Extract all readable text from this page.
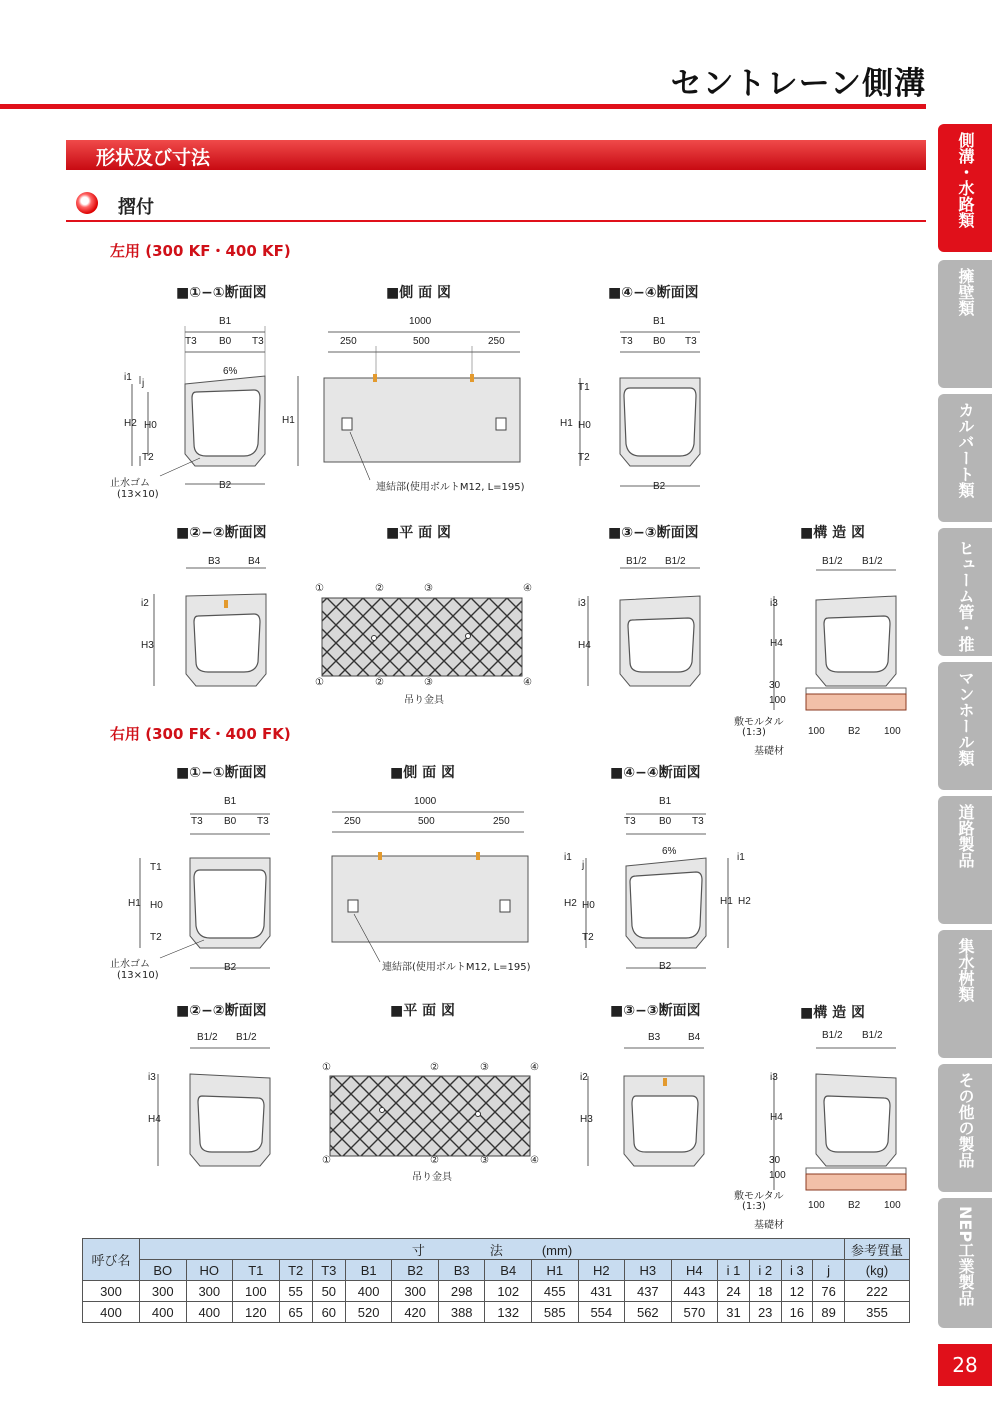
セントレーン側溝
形状及び寸法
摺付
左用 (300 KF・400 KF)
右用 (300 FK・400 FK)
■①−①断面図	■側 面 図	■④−④断面図
■②−②断面図	■平 面 図	■③−③断面図	■構 造 図
■①−①断面図	■側 面 図	■④−④断面図
■②−②断面図	■平 面 図	■③−③断面図	■構 造 図
B1
T3 B0 T3
6%
i1
j
H2 H0	H1
T2
B2
止水ゴム
(13×10)
1000
250	500	250
連結部(使用ボルトM12, L=195)
B1
T3 B0 T3
T1
H1 H0
T2
B2
B3	B4
i2
H3
①	②	③	④
①	②	③	④
吊り金具
B1/2 B1/2
i3
H4
B1/2 B1/2
i3
H4
30
100
100 B2 100
敷モルタル
(1:3)
基礎材
B1
T3 B0 T3
T1
H1 H0
T2
B2
止水ゴム
(13×10)
1000
250	500	250
連結部(使用ボルトM12, L=195)
B1
T3 B0 T3
6%
i1
j
H2 H0
T2
i1
H1 H2
B2
B1/2 B1/2
i3
H4
①	②	③	④
①	②	③	④
吊り金具
B3	B4
i2
H3
B1/2 B1/2
i3
H4
30
100
100 B2 100
敷モルタル
(1:3)
基礎材
呼び名	寸　　　　　法　　　(mm)																	参考質量
	BO	HO	T1	T2	T3	B1	B2	B3	B4	H1	H2	H3	H4	i 1	i 2	i 3	j	(kg)
300	300	300	100	55	50	400	300	298	102	455	431	437	443	24	18	12	76	222
400	400	400	120	65	60	520	420	388	132	585	554	562	570	31	23	16	89	355
側溝・水路類
擁壁類
カルバート類
ヒューム管・推進管
マンホール類
道路製品
集水桝類
その他の製品
NEP工業製品
28
